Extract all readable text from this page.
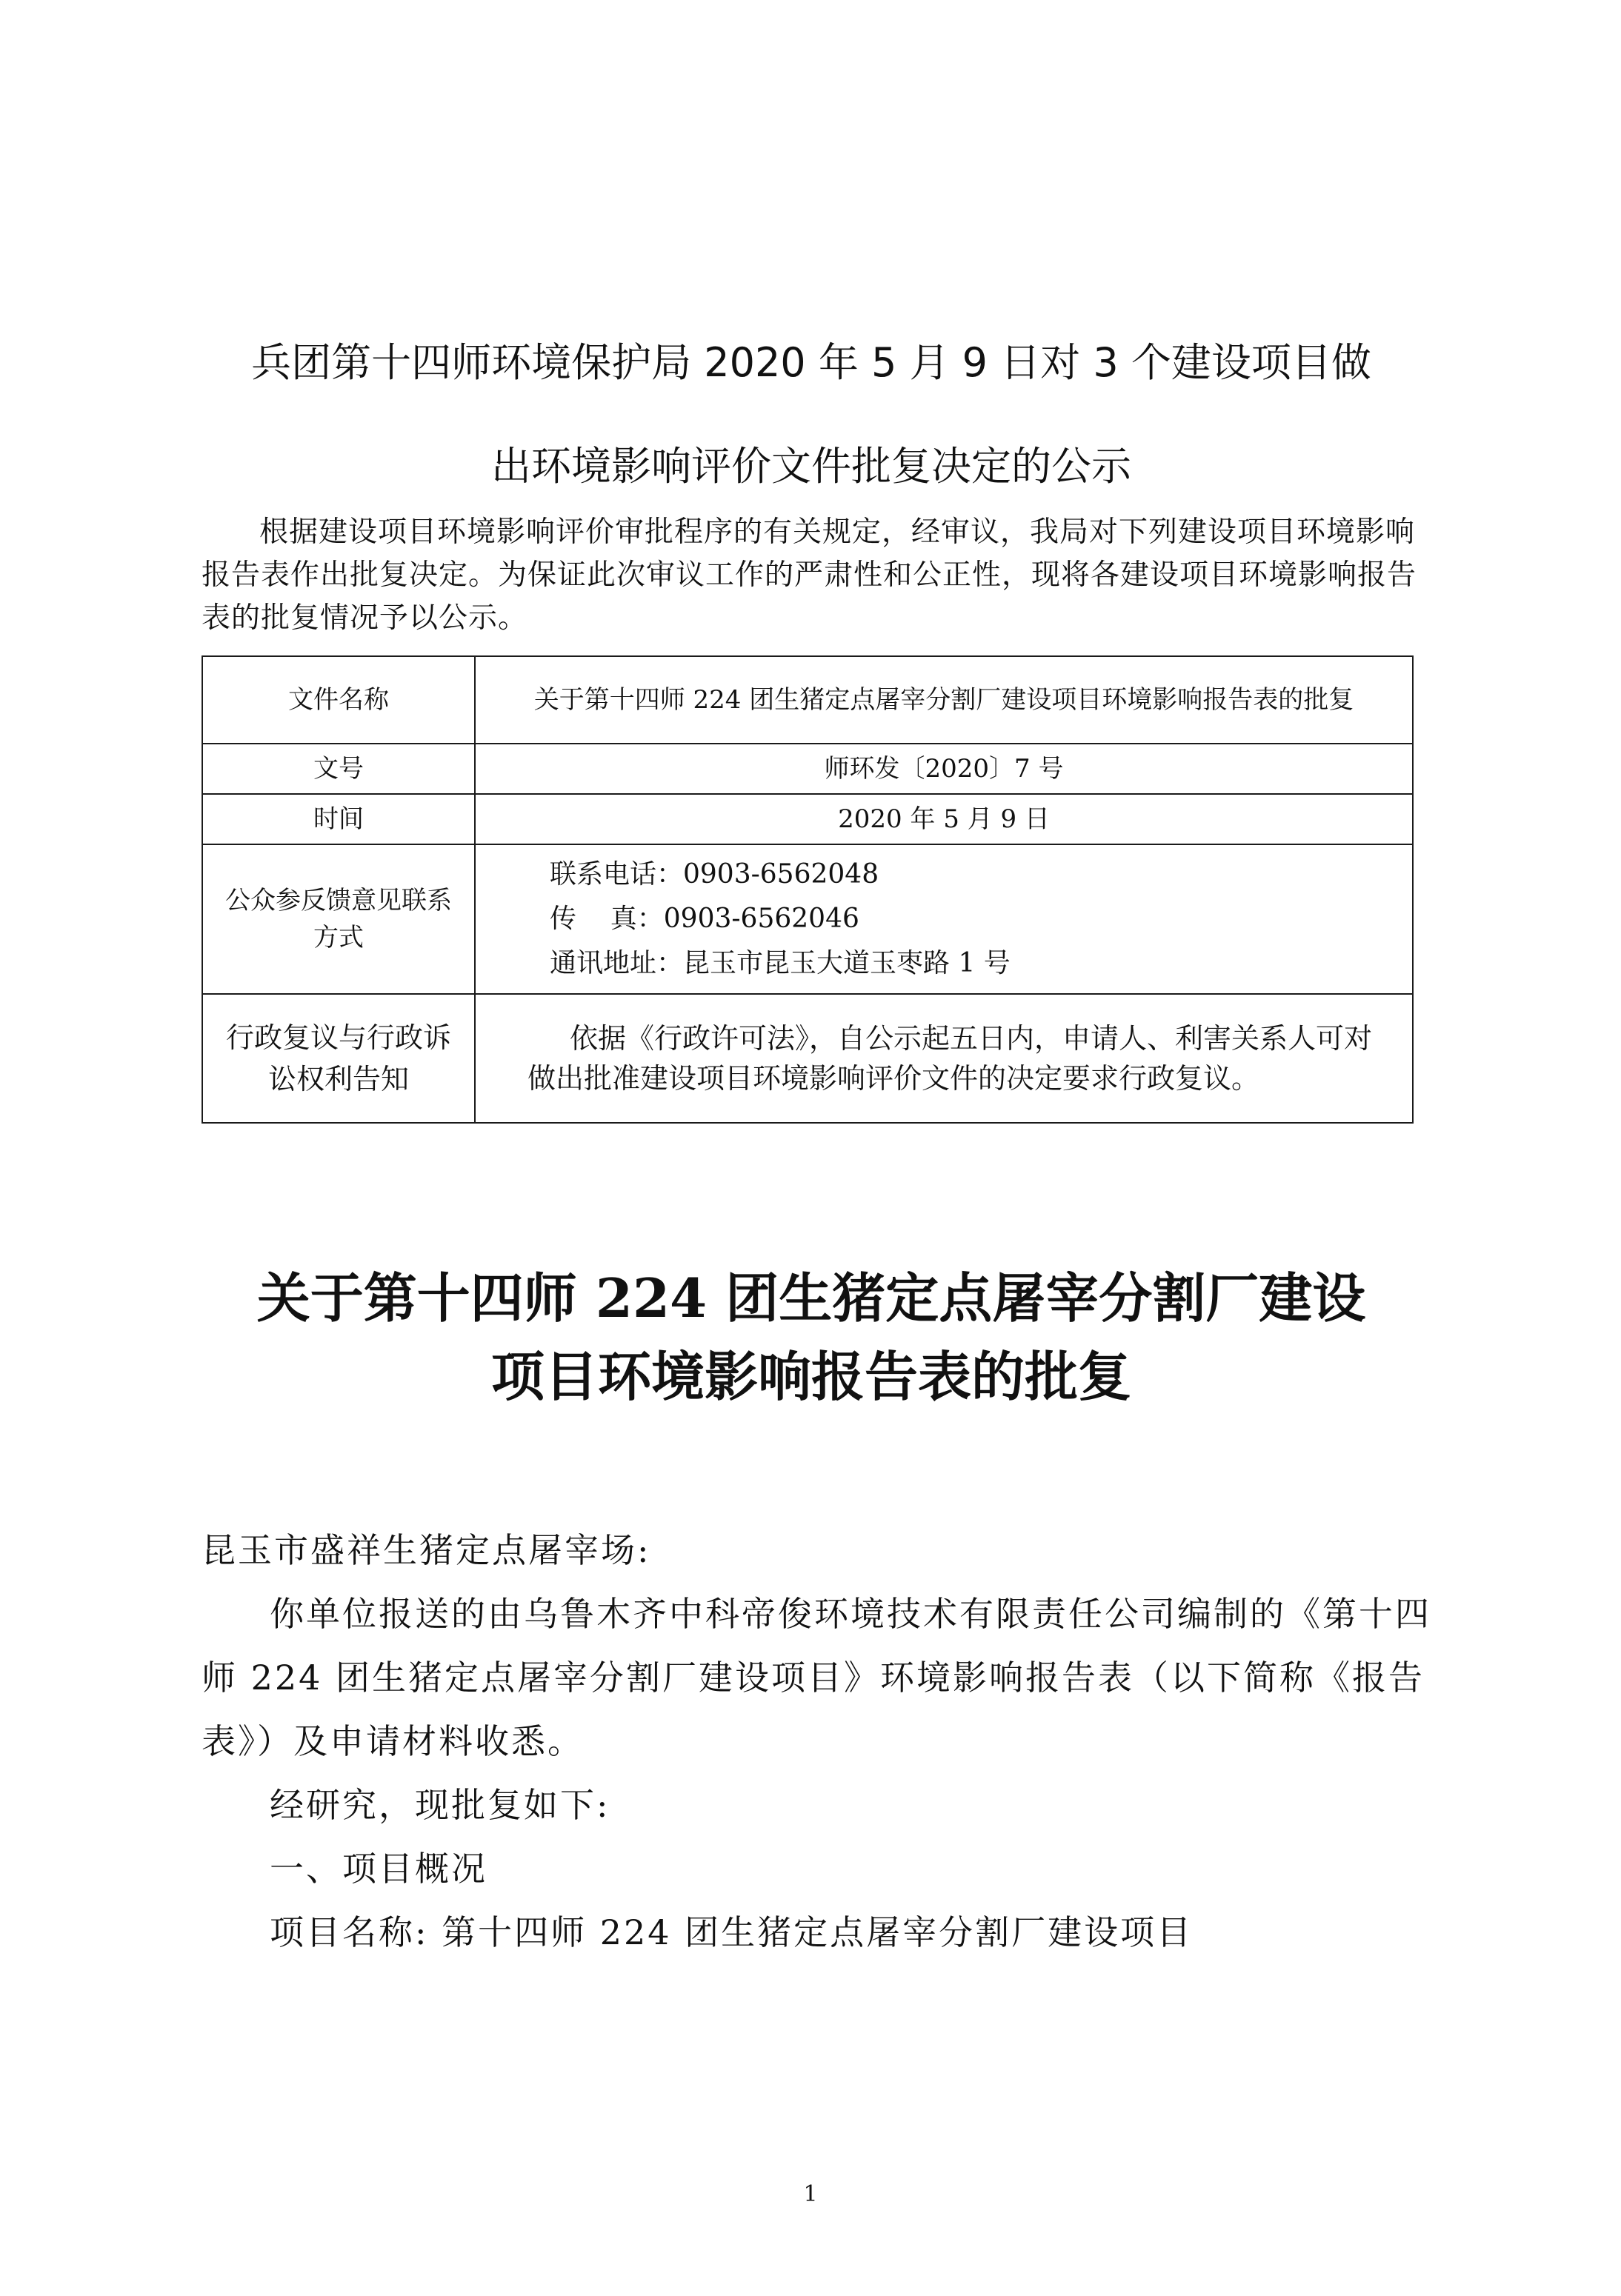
兵团第十四师环境保护局 2020 年 5 月 9 日对 3 个建设项目做
出环境影响评价文件批复决定的公示

根据建设项目环境影响评价审批程序的有关规定，经审议，我局对下列建设项目环境影响报告表作出批复决定。为保证此次审议工作的严肃性和公正性，现将各建设项目环境影响报告表的批复情况予以公示。

文件名称	关于第十四师 224 团生猪定点屠宰分割厂建设项目环境影响报告表的批复
文号	师环发〔2020〕7 号
时间	2020 年 5 月 9 日
公众参反馈意见联系方式	联系电话：0903-6562048
传    真：0903-6562046
通讯地址：昆玉市昆玉大道玉枣路 1 号

行政复议与行政诉讼权利告知	依据《行政许可法》，自公示起五日内，申请人、利害关系人可对做出批准建设项目环境影响评价文件的决定要求行政复议。
关于第十四师 224 团生猪定点屠宰分割厂建设
项目环境影响报告表的批复

昆玉市盛祥生猪定点屠宰场:

你单位报送的由乌鲁木齐中科帝俊环境技术有限责任公司编制的《第十四师 224 团生猪定点屠宰分割厂建设项目》环境影响报告表（以下简称《报告表》）及申请材料收悉。

经研究，现批复如下:

一、项目概况

项目名称: 第十四师 224 团生猪定点屠宰分割厂建设项目

1
